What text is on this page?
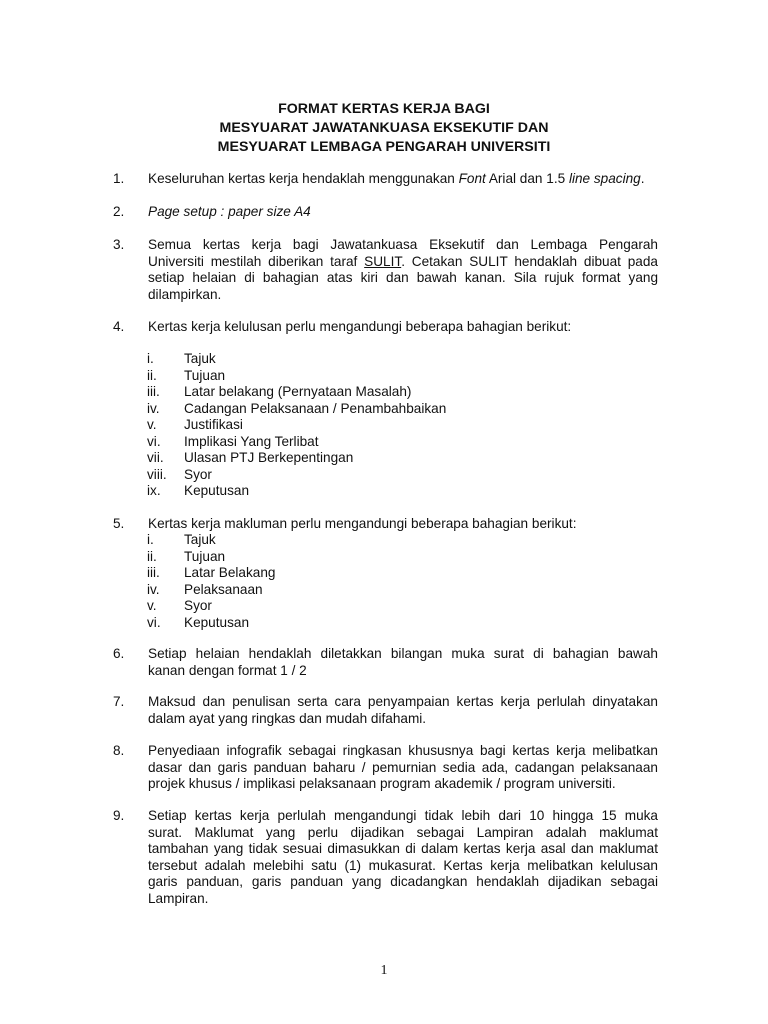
FORMAT KERTAS KERJA BAGI
MESYUARAT JAWATANKUASA EKSEKUTIF DAN
MESYUARAT LEMBAGA PENGARAH UNIVERSITI
1. Keseluruhan kertas kerja hendaklah menggunakan Font Arial dan 1.5 line spacing.
2. Page setup : paper size A4
3. Semua kertas kerja bagi Jawatankuasa Eksekutif dan Lembaga Pengarah
Universiti mestilah diberikan taraf SULIT. Cetakan SULIT hendaklah dibuat pada
setiap helaian di bahagian atas kiri dan bawah kanan. Sila rujuk format yang
dilampirkan.
4. Kertas kerja kelulusan perlu mengandungi beberapa bahagian berikut:
i. Tajuk
ii. Tujuan
iii. Latar belakang (Pernyataan Masalah)
iv. Cadangan Pelaksanaan / Penambahbaikan
v. Justifikasi
vi. Implikasi Yang Terlibat
vii. Ulasan PTJ Berkepentingan
viii. Syor
ix. Keputusan
5. Kertas kerja makluman perlu mengandungi beberapa bahagian berikut:
i. Tajuk
ii. Tujuan
iii. Latar Belakang
iv. Pelaksanaan
v. Syor
vi. Keputusan
6. Setiap helaian hendaklah diletakkan bilangan muka surat di bahagian bawah
kanan dengan format 1 / 2
7. Maksud dan penulisan serta cara penyampaian kertas kerja perlulah dinyatakan
dalam ayat yang ringkas dan mudah difahami.
8. Penyediaan infografik sebagai ringkasan khususnya bagi kertas kerja melibatkan
dasar dan garis panduan baharu / pemurnian sedia ada, cadangan pelaksanaan
projek khusus / implikasi pelaksanaan program akademik / program universiti.
9. Setiap kertas kerja perlulah mengandungi tidak lebih dari 10 hingga 15 muka
surat. Maklumat yang perlu dijadikan sebagai Lampiran adalah maklumat
tambahan yang tidak sesuai dimasukkan di dalam kertas kerja asal dan maklumat
tersebut adalah melebihi satu (1) mukasurat. Kertas kerja melibatkan kelulusan
garis panduan, garis panduan yang dicadangkan hendaklah dijadikan sebagai
Lampiran.
1
